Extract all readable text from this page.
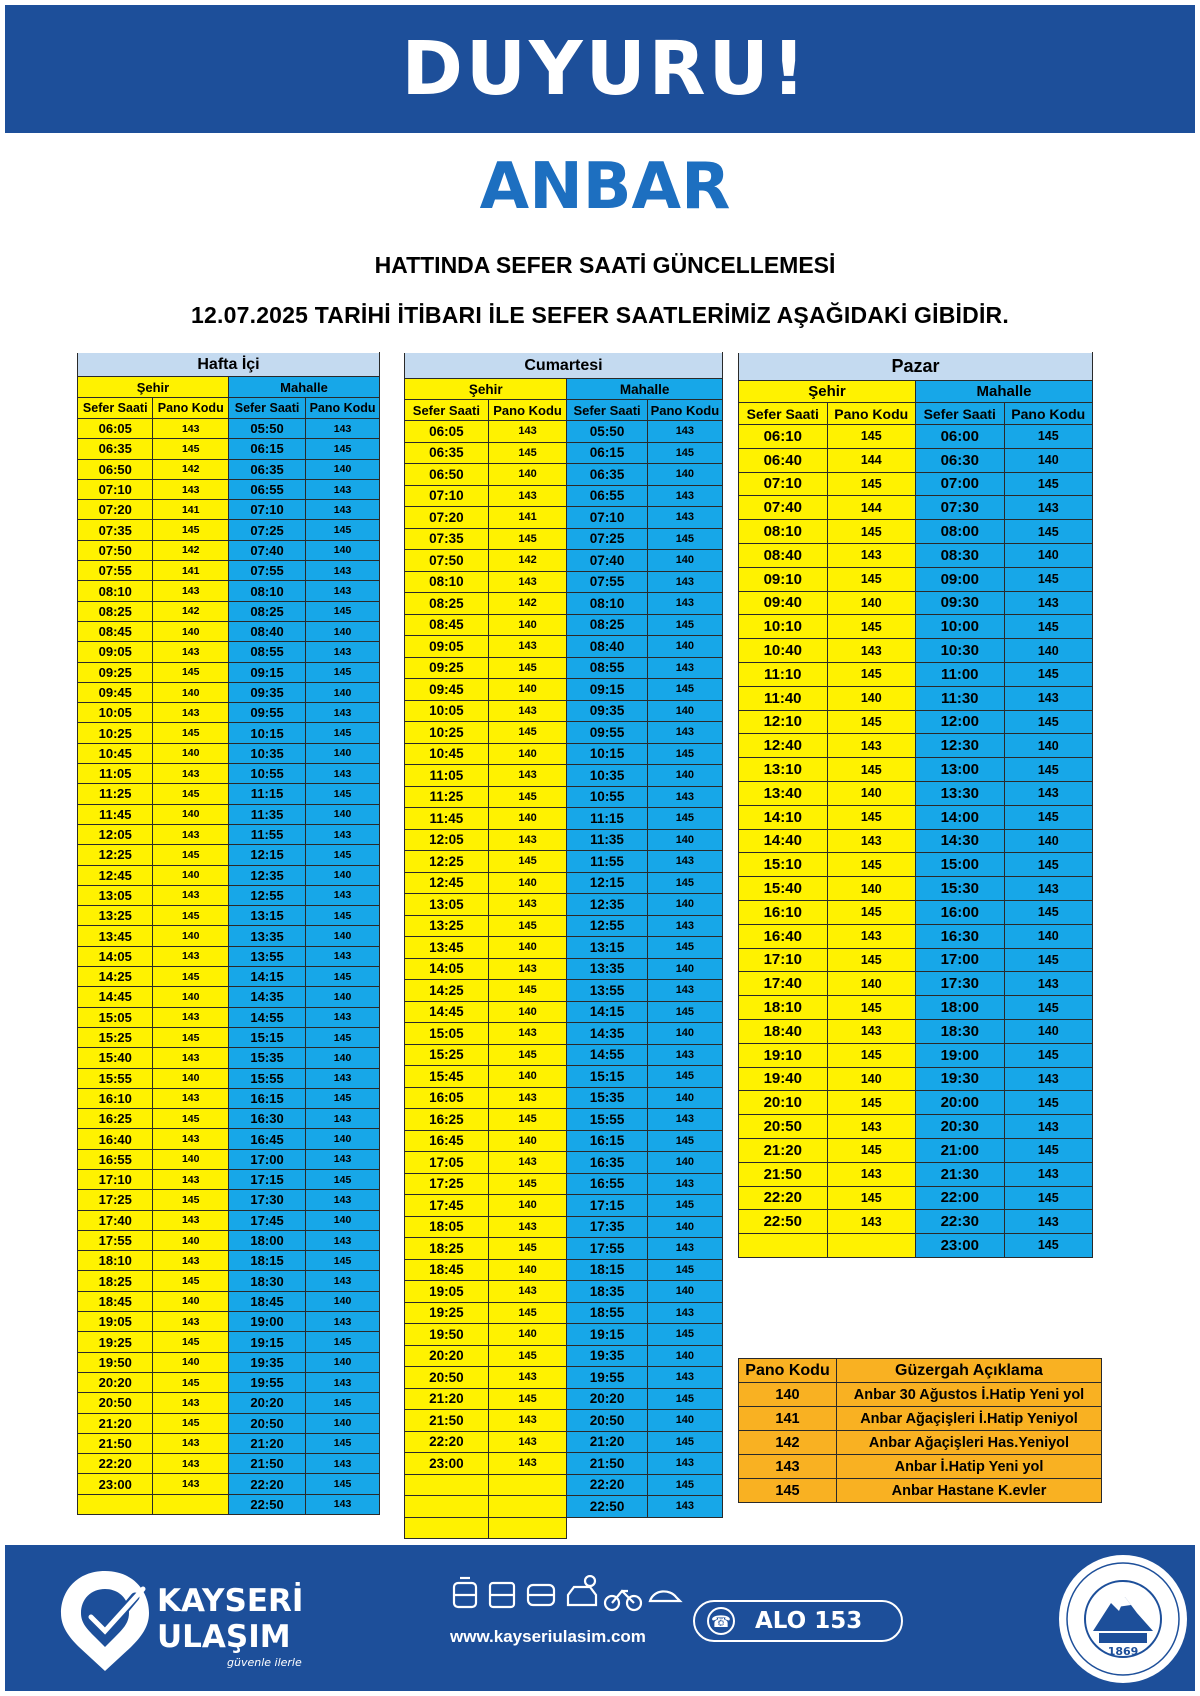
DUYURU!
ANBAR
HATTINDA SEFER SAATİ GÜNCELLEMESİ
12.07.2025 TARİHİ İTİBARI İLE SEFER SAATLERİMİZ AŞAĞIDAKİ GİBİDİR.
Hafta İçi			
Şehir		Mahalle	
Sefer Saati	Pano Kodu	Sefer Saati	Pano Kodu
06:05	143	05:50	143
06:35	145	06:15	145
06:50	142	06:35	140
07:10	143	06:55	143
07:20	141	07:10	143
07:35	145	07:25	145
07:50	142	07:40	140
07:55	141	07:55	143
08:10	143	08:10	143
08:25	142	08:25	145
08:45	140	08:40	140
09:05	143	08:55	143
09:25	145	09:15	145
09:45	140	09:35	140
10:05	143	09:55	143
10:25	145	10:15	145
10:45	140	10:35	140
11:05	143	10:55	143
11:25	145	11:15	145
11:45	140	11:35	140
12:05	143	11:55	143
12:25	145	12:15	145
12:45	140	12:35	140
13:05	143	12:55	143
13:25	145	13:15	145
13:45	140	13:35	140
14:05	143	13:55	143
14:25	145	14:15	145
14:45	140	14:35	140
15:05	143	14:55	143
15:25	145	15:15	145
15:40	143	15:35	140
15:55	140	15:55	143
16:10	143	16:15	145
16:25	145	16:30	143
16:40	143	16:45	140
16:55	140	17:00	143
17:10	143	17:15	145
17:25	145	17:30	143
17:40	143	17:45	140
17:55	140	18:00	143
18:10	143	18:15	145
18:25	145	18:30	143
18:45	140	18:45	140
19:05	143	19:00	143
19:25	145	19:15	145
19:50	140	19:35	140
20:20	145	19:55	143
20:50	143	20:20	145
21:20	145	20:50	140
21:50	143	21:20	145
22:20	143	21:50	143
23:00	143	22:20	145
		22:50	143
Cumartesi			
Şehir		Mahalle	
Sefer Saati	Pano Kodu	Sefer Saati	Pano Kodu
06:05	143	05:50	143
06:35	145	06:15	145
06:50	140	06:35	140
07:10	143	06:55	143
07:20	141	07:10	143
07:35	145	07:25	145
07:50	142	07:40	140
08:10	143	07:55	143
08:25	142	08:10	143
08:45	140	08:25	145
09:05	143	08:40	140
09:25	145	08:55	143
09:45	140	09:15	145
10:05	143	09:35	140
10:25	145	09:55	143
10:45	140	10:15	145
11:05	143	10:35	140
11:25	145	10:55	143
11:45	140	11:15	145
12:05	143	11:35	140
12:25	145	11:55	143
12:45	140	12:15	145
13:05	143	12:35	140
13:25	145	12:55	143
13:45	140	13:15	145
14:05	143	13:35	140
14:25	145	13:55	143
14:45	140	14:15	145
15:05	143	14:35	140
15:25	145	14:55	143
15:45	140	15:15	145
16:05	143	15:35	140
16:25	145	15:55	143
16:45	140	16:15	145
17:05	143	16:35	140
17:25	145	16:55	143
17:45	140	17:15	145
18:05	143	17:35	140
18:25	145	17:55	143
18:45	140	18:15	145
19:05	143	18:35	140
19:25	145	18:55	143
19:50	140	19:15	145
20:20	145	19:35	140
20:50	143	19:55	143
21:20	145	20:20	145
21:50	143	20:50	140
22:20	143	21:20	145
23:00	143	21:50	143
		22:20	145
		22:50	143

Pazar			
Şehir		Mahalle	
Sefer Saati	Pano Kodu	Sefer Saati	Pano Kodu
06:10	145	06:00	145
06:40	144	06:30	140
07:10	145	07:00	145
07:40	144	07:30	143
08:10	145	08:00	145
08:40	143	08:30	140
09:10	145	09:00	145
09:40	140	09:30	143
10:10	145	10:00	145
10:40	143	10:30	140
11:10	145	11:00	145
11:40	140	11:30	143
12:10	145	12:00	145
12:40	143	12:30	140
13:10	145	13:00	145
13:40	140	13:30	143
14:10	145	14:00	145
14:40	143	14:30	140
15:10	145	15:00	145
15:40	140	15:30	143
16:10	145	16:00	145
16:40	143	16:30	140
17:10	145	17:00	145
17:40	140	17:30	143
18:10	145	18:00	145
18:40	143	18:30	140
19:10	145	19:00	145
19:40	140	19:30	143
20:10	145	20:00	145
20:50	143	20:30	143
21:20	145	21:00	145
21:50	143	21:30	143
22:20	145	22:00	145
22:50	143	22:30	143
		23:00	145
Pano Kodu	Güzergah Açıklama
140	Anbar 30 Ağustos İ.Hatip Yeni yol
141	Anbar Ağaçişleri İ.Hatip Yeniyol
142	Anbar Ağaçişleri Has.Yeniyol
143	Anbar İ.Hatip Yeni yol
145	Anbar Hastane K.evler
KAYSERİ
ULAŞIM
güvenle ilerle
www.kayseriulasim.com
☎ ALO 153
1869
